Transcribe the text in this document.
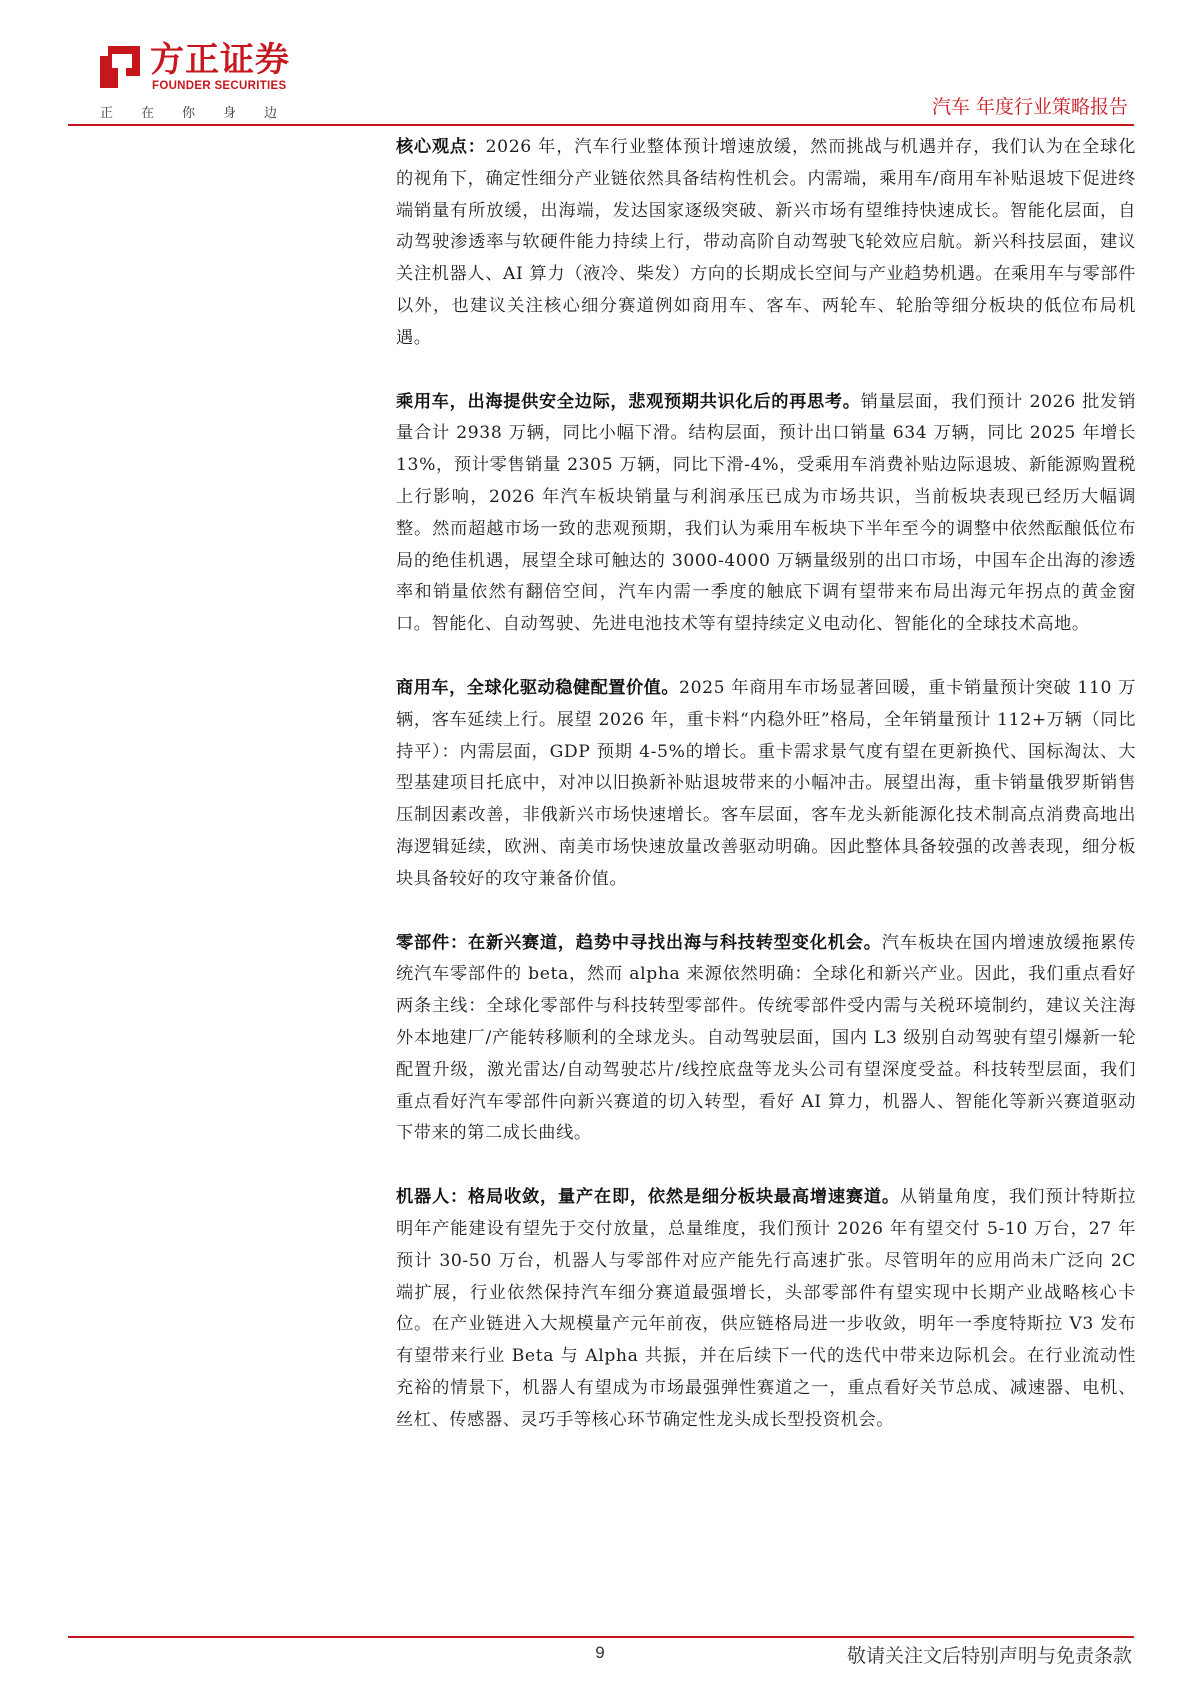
方正证券
FOUNDER SECURITIES
正在你身边	汽车 年度行业策略报告

核心观点：2026 年，汽车行业整体预计增速放缓，然而挑战与机遇并存，我们认为在全球化的视角下，确定性细分产业链依然具备结构性机会。内需端，乘用车/商用车补贴退坡下促进终端销量有所放缓，出海端，发达国家逐级突破、新兴市场有望维持快速成长。智能化层面，自动驾驶渗透率与软硬件能力持续上行，带动高阶自动驾驶飞轮效应启航。新兴科技层面，建议关注机器人、AI 算力（液冷、柴发）方向的长期成长空间与产业趋势机遇。在乘用车与零部件以外，也建议关注核心细分赛道例如商用车、客车、两轮车、轮胎等细分板块的低位布局机遇。

乘用车，出海提供安全边际，悲观预期共识化后的再思考。销量层面，我们预计 2026 批发销量合计 2938 万辆，同比小幅下滑。结构层面，预计出口销量 634 万辆，同比 2025 年增长 13%，预计零售销量 2305 万辆，同比下滑-4%，受乘用车消费补贴边际退坡、新能源购置税上行影响，2026 年汽车板块销量与利润承压已成为市场共识，当前板块表现已经历大幅调整。然而超越市场一致的悲观预期，我们认为乘用车板块下半年至今的调整中依然酝酿低位布局的绝佳机遇，展望全球可触达的 3000-4000 万辆量级别的出口市场，中国车企出海的渗透率和销量依然有翻倍空间，汽车内需一季度的触底下调有望带来布局出海元年拐点的黄金窗口。智能化、自动驾驶、先进电池技术等有望持续定义电动化、智能化的全球技术高地。

商用车，全球化驱动稳健配置价值。2025 年商用车市场显著回暖，重卡销量预计突破 110 万辆，客车延续上行。展望 2026 年，重卡料“内稳外旺”格局，全年销量预计 112+万辆（同比持平）：内需层面，GDP 预期 4-5%的增长。重卡需求景气度有望在更新换代、国标淘汰、大型基建项目托底中，对冲以旧换新补贴退坡带来的小幅冲击。展望出海，重卡销量俄罗斯销售压制因素改善，非俄新兴市场快速增长。客车层面，客车龙头新能源化技术制高点消费高地出海逻辑延续，欧洲、南美市场快速放量改善驱动明确。因此整体具备较强的改善表现，细分板块具备较好的攻守兼备价值。

零部件：在新兴赛道，趋势中寻找出海与科技转型变化机会。汽车板块在国内增速放缓拖累传统汽车零部件的 beta，然而 alpha 来源依然明确：全球化和新兴产业。因此，我们重点看好两条主线：全球化零部件与科技转型零部件。传统零部件受内需与关税环境制约，建议关注海外本地建厂/产能转移顺利的全球龙头。自动驾驶层面，国内 L3 级别自动驾驶有望引爆新一轮配置升级，激光雷达/自动驾驶芯片/线控底盘等龙头公司有望深度受益。科技转型层面，我们重点看好汽车零部件向新兴赛道的切入转型，看好 AI 算力，机器人、智能化等新兴赛道驱动下带来的第二成长曲线。

机器人：格局收敛，量产在即，依然是细分板块最高增速赛道。从销量角度，我们预计特斯拉明年产能建设有望先于交付放量，总量维度，我们预计 2026 年有望交付 5-10 万台，27 年预计 30-50 万台，机器人与零部件对应产能先行高速扩张。尽管明年的应用尚未广泛向 2C 端扩展，行业依然保持汽车细分赛道最强增长，头部零部件有望实现中长期产业战略核心卡位。在产业链进入大规模量产元年前夜，供应链格局进一步收敛，明年一季度特斯拉 V3 发布有望带来行业 Beta 与 Alpha 共振，并在后续下一代的迭代中带来边际机会。在行业流动性充裕的情景下，机器人有望成为市场最强弹性赛道之一，重点看好关节总成、减速器、电机、丝杠、传感器、灵巧手等核心环节确定性龙头成长型投资机会。

9	敬请关注文后特别声明与免责条款
